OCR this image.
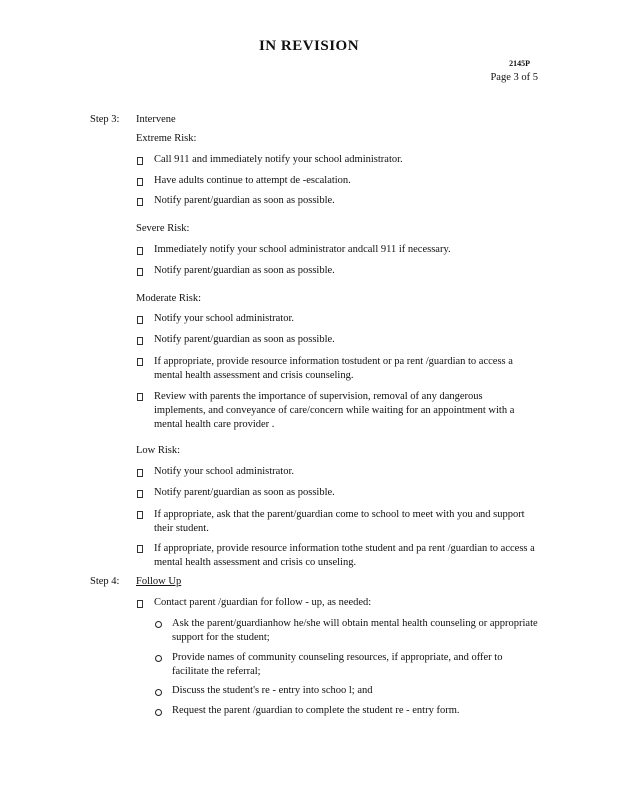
IN REVISION
2145P
Page 3 of 5
Step 3: Intervene
Extreme Risk:
Call 911 and immediately notify your school administrator.
Have adults continue to attempt de -escalation.
Notify parent/guardian as soon as possible.
Severe Risk:
Immediately notify your school administrator andcall 911 if necessary.
Notify parent/guardian as soon as possible.
Moderate Risk:
Notify your school administrator.
Notify parent/guardian as soon as possible.
If appropriate, provide resource information tostudent or pa rent /guardian to access a mental health assessment and crisis counseling.
Review with parents the importance of supervision, removal of any dangerous implements, and conveyance of care/concern while waiting for an appointment with a mental health care provider .
Low Risk:
Notify your school administrator.
Notify parent/guardian as soon as possible.
If appropriate, ask that the parent/guardian come to school to meet with you and support their student.
If appropriate, provide resource information tothe student and pa rent /guardian to access a mental health assessment and crisis co unseling.
Step 4: Follow Up
Contact parent /guardian for follow - up, as needed:
Ask the parent/guardianhow he/she will obtain mental health counseling or appropriate support for the student;
Provide names of community counseling resources, if appropriate, and offer to facilitate the referral;
Discuss the student's re - entry into schoo l; and
Request the parent /guardian to complete the student re - entry form.
